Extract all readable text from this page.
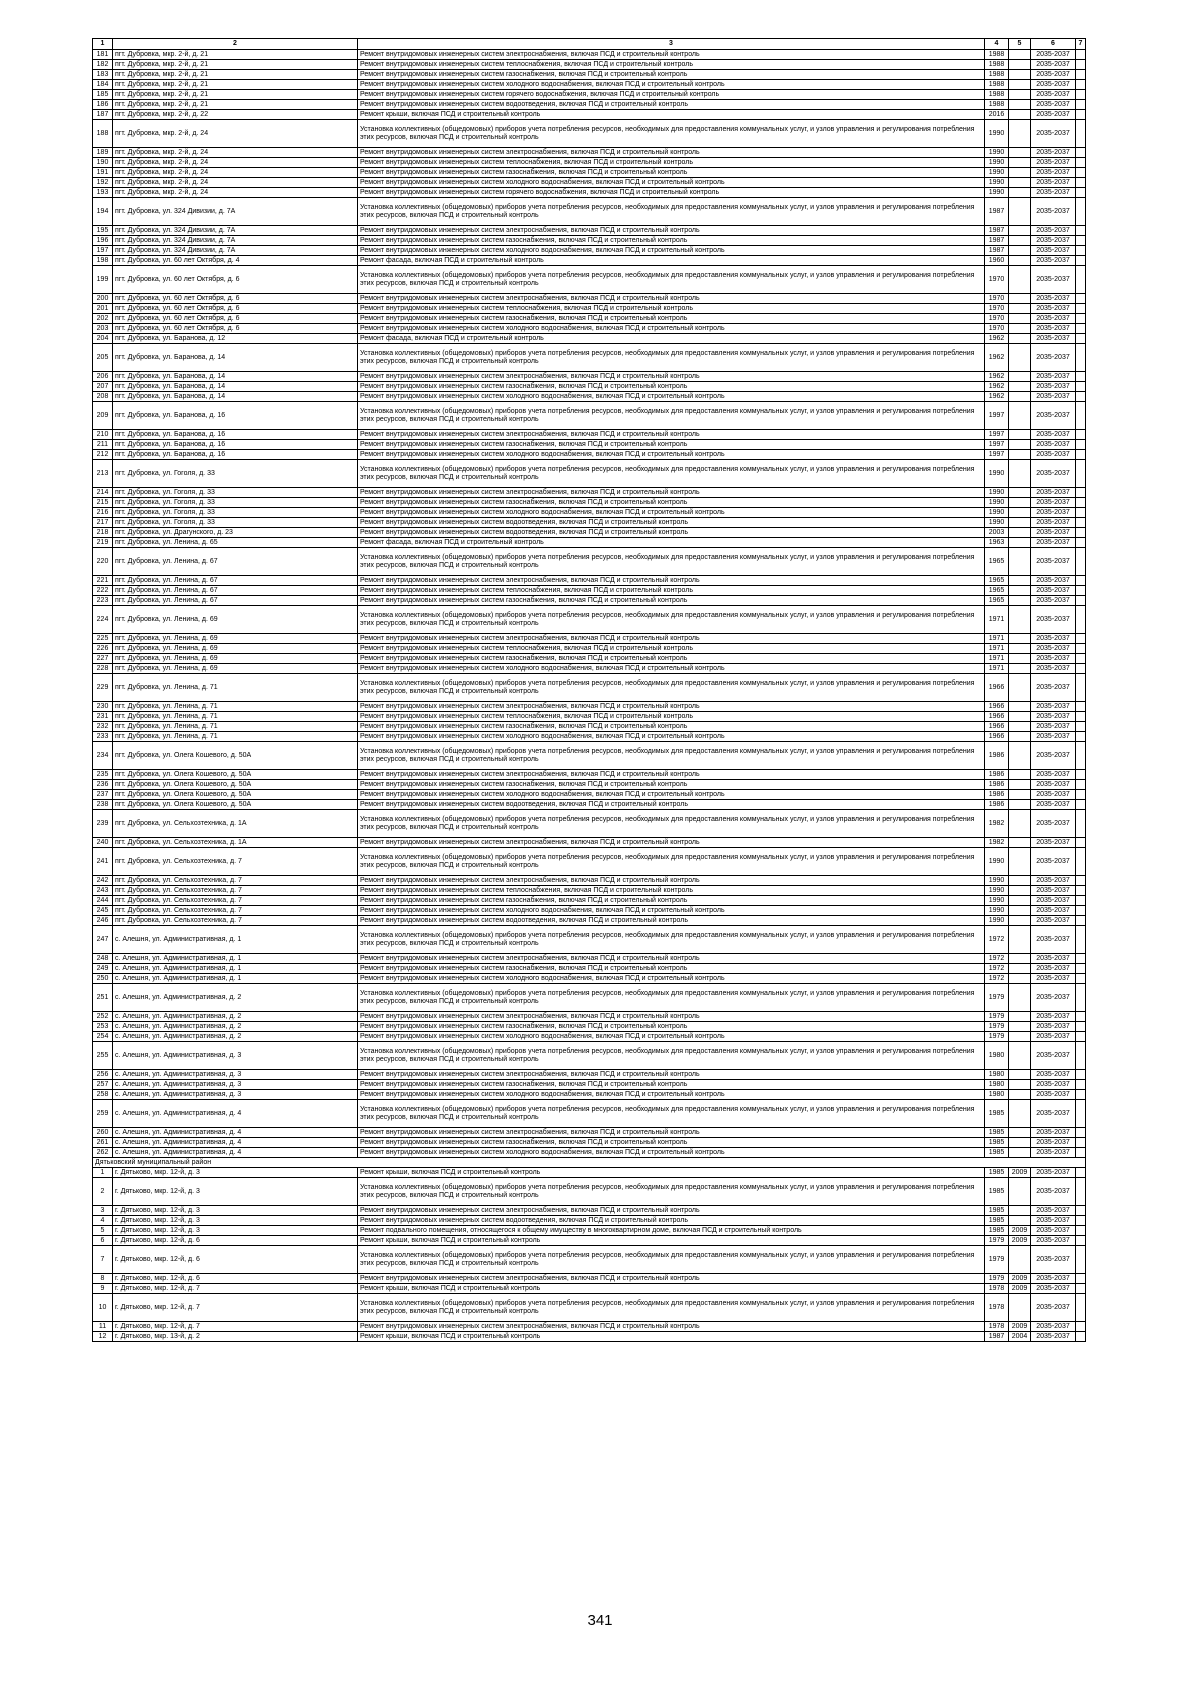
1	2	3	4	5	6	7
181	пгт. Дубровка, мкр. 2-й, д. 21	Ремонт внутридомовых инженерных систем электроснабжения, включая ПСД и строительный контроль	1988		2035-2037	
182	пгт. Дубровка, мкр. 2-й, д. 21	Ремонт внутридомовых инженерных систем теплоснабжения, включая ПСД и строительный контроль	1988		2035-2037	
183	пгт. Дубровка, мкр. 2-й, д. 21	Ремонт внутридомовых инженерных систем газоснабжения, включая ПСД и строительный контроль	1988		2035-2037	
184	пгт. Дубровка, мкр. 2-й, д. 21	Ремонт внутридомовых инженерных систем холодного водоснабжения, включая ПСД и строительный контроль	1988		2035-2037	
185	пгт. Дубровка, мкр. 2-й, д. 21	Ремонт внутридомовых инженерных систем горячего водоснабжения, включая ПСД и строительный контроль	1988		2035-2037	
186	пгт. Дубровка, мкр. 2-й, д. 21	Ремонт внутридомовых инженерных систем водоотведения, включая ПСД и строительный контроль	1988		2035-2037	
187	пгт. Дубровка, мкр. 2-й, д. 22	Ремонт крыши, включая ПСД и строительный контроль	2016		2035-2037	
188	пгт. Дубровка, мкр. 2-й, д. 24	Установка коллективных (общедомовых) приборов учета потребления ресурсов, необходимых для предоставления коммунальных услуг, и узлов управления и регулирования потребления этих ресурсов, включая ПСД и строительный контроль	1990		2035-2037	
189	пгт. Дубровка, мкр. 2-й, д. 24	Ремонт внутридомовых инженерных систем электроснабжения, включая ПСД и строительный контроль	1990		2035-2037	
190	пгт. Дубровка, мкр. 2-й, д. 24	Ремонт внутридомовых инженерных систем теплоснабжения, включая ПСД и строительный контроль	1990		2035-2037	
191	пгт. Дубровка, мкр. 2-й, д. 24	Ремонт внутридомовых инженерных систем газоснабжения, включая ПСД и строительный контроль	1990		2035-2037	
192	пгт. Дубровка, мкр. 2-й, д. 24	Ремонт внутридомовых инженерных систем холодного водоснабжения, включая ПСД и строительный контроль	1990		2035-2037	
193	пгт. Дубровка, мкр. 2-й, д. 24	Ремонт внутридомовых инженерных систем горячего водоснабжения, включая ПСД и строительный контроль	1990		2035-2037	
194	пгт. Дубровка, ул. 324 Дивизии, д. 7А	Установка коллективных (общедомовых) приборов учета потребления ресурсов, необходимых для предоставления коммунальных услуг, и узлов управления и регулирования потребления этих ресурсов, включая ПСД и строительный контроль	1987		2035-2037	
195	пгт. Дубровка, ул. 324 Дивизии, д. 7А	Ремонт внутридомовых инженерных систем электроснабжения, включая ПСД и строительный контроль	1987		2035-2037	
196	пгт. Дубровка, ул. 324 Дивизии, д. 7А	Ремонт внутридомовых инженерных систем газоснабжения, включая ПСД и строительный контроль	1987		2035-2037	
197	пгт. Дубровка, ул. 324 Дивизии, д. 7А	Ремонт внутридомовых инженерных систем холодного водоснабжения, включая ПСД и строительный контроль	1987		2035-2037	
198	пгт. Дубровка, ул. 60 лет Октября, д. 4	Ремонт фасада, включая ПСД и строительный контроль	1960		2035-2037	
199	пгт. Дубровка, ул. 60 лет Октября, д. 6	Установка коллективных (общедомовых) приборов учета потребления ресурсов, необходимых для предоставления коммунальных услуг, и узлов управления и регулирования потребления этих ресурсов, включая ПСД и строительный контроль	1970		2035-2037	
200	пгт. Дубровка, ул. 60 лет Октября, д. 6	Ремонт внутридомовых инженерных систем электроснабжения, включая ПСД и строительный контроль	1970		2035-2037	
201	пгт. Дубровка, ул. 60 лет Октября, д. 6	Ремонт внутридомовых инженерных систем теплоснабжения, включая ПСД и строительный контроль	1970		2035-2037	
202	пгт. Дубровка, ул. 60 лет Октября, д. 6	Ремонт внутридомовых инженерных систем газоснабжения, включая ПСД и строительный контроль	1970		2035-2037	
203	пгт. Дубровка, ул. 60 лет Октября, д. 6	Ремонт внутридомовых инженерных систем холодного водоснабжения, включая ПСД и строительный контроль	1970		2035-2037	
204	пгт. Дубровка, ул. Баранова, д. 12	Ремонт фасада, включая ПСД и строительный контроль	1962		2035-2037	
205	пгт. Дубровка, ул. Баранова, д. 14	Установка коллективных (общедомовых) приборов учета потребления ресурсов, необходимых для предоставления коммунальных услуг, и узлов управления и регулирования потребления этих ресурсов, включая ПСД и строительный контроль	1962		2035-2037	
206	пгт. Дубровка, ул. Баранова, д. 14	Ремонт внутридомовых инженерных систем электроснабжения, включая ПСД и строительный контроль	1962		2035-2037	
207	пгт. Дубровка, ул. Баранова, д. 14	Ремонт внутридомовых инженерных систем газоснабжения, включая ПСД и строительный контроль	1962		2035-2037	
208	пгт. Дубровка, ул. Баранова, д. 14	Ремонт внутридомовых инженерных систем холодного водоснабжения, включая ПСД и строительный контроль	1962		2035-2037	
209	пгт. Дубровка, ул. Баранова, д. 16	Установка коллективных (общедомовых) приборов учета потребления ресурсов, необходимых для предоставления коммунальных услуг, и узлов управления и регулирования потребления этих ресурсов, включая ПСД и строительный контроль	1997		2035-2037	
210	пгт. Дубровка, ул. Баранова, д. 16	Ремонт внутридомовых инженерных систем электроснабжения, включая ПСД и строительный контроль	1997		2035-2037	
211	пгт. Дубровка, ул. Баранова, д. 16	Ремонт внутридомовых инженерных систем газоснабжения, включая ПСД и строительный контроль	1997		2035-2037	
212	пгт. Дубровка, ул. Баранова, д. 16	Ремонт внутридомовых инженерных систем холодного водоснабжения, включая ПСД и строительный контроль	1997		2035-2037	
213	пгт. Дубровка, ул. Гоголя, д. 33	Установка коллективных (общедомовых) приборов учета потребления ресурсов, необходимых для предоставления коммунальных услуг, и узлов управления и регулирования потребления этих ресурсов, включая ПСД и строительный контроль	1990		2035-2037	
214	пгт. Дубровка, ул. Гоголя, д. 33	Ремонт внутридомовых инженерных систем электроснабжения, включая ПСД и строительный контроль	1990		2035-2037	
215	пгт. Дубровка, ул. Гоголя, д. 33	Ремонт внутридомовых инженерных систем газоснабжения, включая ПСД и строительный контроль	1990		2035-2037	
216	пгт. Дубровка, ул. Гоголя, д. 33	Ремонт внутридомовых инженерных систем холодного водоснабжения, включая ПСД и строительный контроль	1990		2035-2037	
217	пгт. Дубровка, ул. Гоголя, д. 33	Ремонт внутридомовых инженерных систем водоотведения, включая ПСД и строительный контроль	1990		2035-2037	
218	пгт. Дубровка, ул. Драгунского, д. 23	Ремонт внутридомовых инженерных систем водоотведения, включая ПСД и строительный контроль	2003		2035-2037	
219	пгт. Дубровка, ул. Ленина, д. 65	Ремонт фасада, включая ПСД и строительный контроль	1963		2035-2037	
220	пгт. Дубровка, ул. Ленина, д. 67	Установка коллективных (общедомовых) приборов учета потребления ресурсов, необходимых для предоставления коммунальных услуг, и узлов управления и регулирования потребления этих ресурсов, включая ПСД и строительный контроль	1965		2035-2037	
221	пгт. Дубровка, ул. Ленина, д. 67	Ремонт внутридомовых инженерных систем электроснабжения, включая ПСД и строительный контроль	1965		2035-2037	
222	пгт. Дубровка, ул. Ленина, д. 67	Ремонт внутридомовых инженерных систем теплоснабжения, включая ПСД и строительный контроль	1965		2035-2037	
223	пгт. Дубровка, ул. Ленина, д. 67	Ремонт внутридомовых инженерных систем газоснабжения, включая ПСД и строительный контроль	1965		2035-2037	
224	пгт. Дубровка, ул. Ленина, д. 69	Установка коллективных (общедомовых) приборов учета потребления ресурсов, необходимых для предоставления коммунальных услуг, и узлов управления и регулирования потребления этих ресурсов, включая ПСД и строительный контроль	1971		2035-2037	
225	пгт. Дубровка, ул. Ленина, д. 69	Ремонт внутридомовых инженерных систем электроснабжения, включая ПСД и строительный контроль	1971		2035-2037	
226	пгт. Дубровка, ул. Ленина, д. 69	Ремонт внутридомовых инженерных систем теплоснабжения, включая ПСД и строительный контроль	1971		2035-2037	
227	пгт. Дубровка, ул. Ленина, д. 69	Ремонт внутридомовых инженерных систем газоснабжения, включая ПСД и строительный контроль	1971		2035-2037	
228	пгт. Дубровка, ул. Ленина, д. 69	Ремонт внутридомовых инженерных систем холодного водоснабжения, включая ПСД и строительный контроль	1971		2035-2037	
229	пгт. Дубровка, ул. Ленина, д. 71	Установка коллективных (общедомовых) приборов учета потребления ресурсов, необходимых для предоставления коммунальных услуг, и узлов управления и регулирования потребления этих ресурсов, включая ПСД и строительный контроль	1966		2035-2037	
230	пгт. Дубровка, ул. Ленина, д. 71	Ремонт внутридомовых инженерных систем электроснабжения, включая ПСД и строительный контроль	1966		2035-2037	
231	пгт. Дубровка, ул. Ленина, д. 71	Ремонт внутридомовых инженерных систем теплоснабжения, включая ПСД и строительный контроль	1966		2035-2037	
232	пгт. Дубровка, ул. Ленина, д. 71	Ремонт внутридомовых инженерных систем газоснабжения, включая ПСД и строительный контроль	1966		2035-2037	
233	пгт. Дубровка, ул. Ленина, д. 71	Ремонт внутридомовых инженерных систем холодного водоснабжения, включая ПСД и строительный контроль	1966		2035-2037	
234	пгт. Дубровка, ул. Олега Кошевого, д. 50А	Установка коллективных (общедомовых) приборов учета потребления ресурсов, необходимых для предоставления коммунальных услуг, и узлов управления и регулирования потребления этих ресурсов, включая ПСД и строительный контроль	1986		2035-2037	
235	пгт. Дубровка, ул. Олега Кошевого, д. 50А	Ремонт внутридомовых инженерных систем электроснабжения, включая ПСД и строительный контроль	1986		2035-2037	
236	пгт. Дубровка, ул. Олега Кошевого, д. 50А	Ремонт внутридомовых инженерных систем газоснабжения, включая ПСД и строительный контроль	1986		2035-2037	
237	пгт. Дубровка, ул. Олега Кошевого, д. 50А	Ремонт внутридомовых инженерных систем холодного водоснабжения, включая ПСД и строительный контроль	1986		2035-2037	
238	пгт. Дубровка, ул. Олега Кошевого, д. 50А	Ремонт внутридомовых инженерных систем водоотведения, включая ПСД и строительный контроль	1986		2035-2037	
239	пгт. Дубровка, ул. Сельхозтехника, д. 1А	Установка коллективных (общедомовых) приборов учета потребления ресурсов, необходимых для предоставления коммунальных услуг, и узлов управления и регулирования потребления этих ресурсов, включая ПСД и строительный контроль	1982		2035-2037	
240	пгт. Дубровка, ул. Сельхозтехника, д. 1А	Ремонт внутридомовых инженерных систем электроснабжения, включая ПСД и строительный контроль	1982		2035-2037	
241	пгт. Дубровка, ул. Сельхозтехника, д. 7	Установка коллективных (общедомовых) приборов учета потребления ресурсов, необходимых для предоставления коммунальных услуг, и узлов управления и регулирования потребления этих ресурсов, включая ПСД и строительный контроль	1990		2035-2037	
242	пгт. Дубровка, ул. Сельхозтехника, д. 7	Ремонт внутридомовых инженерных систем электроснабжения, включая ПСД и строительный контроль	1990		2035-2037	
243	пгт. Дубровка, ул. Сельхозтехника, д. 7	Ремонт внутридомовых инженерных систем теплоснабжения, включая ПСД и строительный контроль	1990		2035-2037	
244	пгт. Дубровка, ул. Сельхозтехника, д. 7	Ремонт внутридомовых инженерных систем газоснабжения, включая ПСД и строительный контроль	1990		2035-2037	
245	пгт. Дубровка, ул. Сельхозтехника, д. 7	Ремонт внутридомовых инженерных систем холодного водоснабжения, включая ПСД и строительный контроль	1990		2035-2037	
246	пгт. Дубровка, ул. Сельхозтехника, д. 7	Ремонт внутридомовых инженерных систем водоотведения, включая ПСД и строительный контроль	1990		2035-2037	
247	с. Алешня, ул. Административная, д. 1	Установка коллективных (общедомовых) приборов учета потребления ресурсов, необходимых для предоставления коммунальных услуг, и узлов управления и регулирования потребления этих ресурсов, включая ПСД и строительный контроль	1972		2035-2037	
248	с. Алешня, ул. Административная, д. 1	Ремонт внутридомовых инженерных систем электроснабжения, включая ПСД и строительный контроль	1972		2035-2037	
249	с. Алешня, ул. Административная, д. 1	Ремонт внутридомовых инженерных систем газоснабжения, включая ПСД и строительный контроль	1972		2035-2037	
250	с. Алешня, ул. Административная, д. 1	Ремонт внутридомовых инженерных систем холодного водоснабжения, включая ПСД и строительный контроль	1972		2035-2037	
251	с. Алешня, ул. Административная, д. 2	Установка коллективных (общедомовых) приборов учета потребления ресурсов, необходимых для предоставления коммунальных услуг, и узлов управления и регулирования потребления этих ресурсов, включая ПСД и строительный контроль	1979		2035-2037	
252	с. Алешня, ул. Административная, д. 2	Ремонт внутридомовых инженерных систем электроснабжения, включая ПСД и строительный контроль	1979		2035-2037	
253	с. Алешня, ул. Административная, д. 2	Ремонт внутридомовых инженерных систем газоснабжения, включая ПСД и строительный контроль	1979		2035-2037	
254	с. Алешня, ул. Административная, д. 2	Ремонт внутридомовых инженерных систем холодного водоснабжения, включая ПСД и строительный контроль	1979		2035-2037	
255	с. Алешня, ул. Административная, д. 3	Установка коллективных (общедомовых) приборов учета потребления ресурсов, необходимых для предоставления коммунальных услуг, и узлов управления и регулирования потребления этих ресурсов, включая ПСД и строительный контроль	1980		2035-2037	
256	с. Алешня, ул. Административная, д. 3	Ремонт внутридомовых инженерных систем электроснабжения, включая ПСД и строительный контроль	1980		2035-2037	
257	с. Алешня, ул. Административная, д. 3	Ремонт внутридомовых инженерных систем газоснабжения, включая ПСД и строительный контроль	1980		2035-2037	
258	с. Алешня, ул. Административная, д. 3	Ремонт внутридомовых инженерных систем холодного водоснабжения, включая ПСД и строительный контроль	1980		2035-2037	
259	с. Алешня, ул. Административная, д. 4	Установка коллективных (общедомовых) приборов учета потребления ресурсов, необходимых для предоставления коммунальных услуг, и узлов управления и регулирования потребления этих ресурсов, включая ПСД и строительный контроль	1985		2035-2037	
260	с. Алешня, ул. Административная, д. 4	Ремонт внутридомовых инженерных систем электроснабжения, включая ПСД и строительный контроль	1985		2035-2037	
261	с. Алешня, ул. Административная, д. 4	Ремонт внутридомовых инженерных систем газоснабжения, включая ПСД и строительный контроль	1985		2035-2037	
262	с. Алешня, ул. Административная, д. 4	Ремонт внутридомовых инженерных систем холодного водоснабжения, включая ПСД и строительный контроль	1985		2035-2037	
Дятьковский муниципальный район						
1	г. Дятьково, мкр. 12-й, д. 3	Ремонт крыши, включая ПСД и строительный контроль	1985	2009	2035-2037	
2	г. Дятьково, мкр. 12-й, д. 3	Установка коллективных (общедомовых) приборов учета потребления ресурсов, необходимых для предоставления коммунальных услуг, и узлов управления и регулирования потребления этих ресурсов, включая ПСД и строительный контроль	1985		2035-2037	
3	г. Дятьково, мкр. 12-й, д. 3	Ремонт внутридомовых инженерных систем электроснабжения, включая ПСД и строительный контроль	1985		2035-2037	
4	г. Дятьково, мкр. 12-й, д. 3	Ремонт внутридомовых инженерных систем водоотведения, включая ПСД и строительный контроль	1985		2035-2037	
5	г. Дятьково, мкр. 12-й, д. 3	Ремонт подвального помещения, относящегося к общему имуществу в многоквартирном доме, включая ПСД и строительный контроль	1985	2009	2035-2037	
6	г. Дятьково, мкр. 12-й, д. 6	Ремонт крыши, включая ПСД и строительный контроль	1979	2009	2035-2037	
7	г. Дятьково, мкр. 12-й, д. 6	Установка коллективных (общедомовых) приборов учета потребления ресурсов, необходимых для предоставления коммунальных услуг, и узлов управления и регулирования потребления этих ресурсов, включая ПСД и строительный контроль	1979		2035-2037	
8	г. Дятьково, мкр. 12-й, д. 6	Ремонт внутридомовых инженерных систем электроснабжения, включая ПСД и строительный контроль	1979	2009	2035-2037	
9	г. Дятьково, мкр. 12-й, д. 7	Ремонт крыши, включая ПСД и строительный контроль	1978	2009	2035-2037	
10	г. Дятьково, мкр. 12-й, д. 7	Установка коллективных (общедомовых) приборов учета потребления ресурсов, необходимых для предоставления коммунальных услуг, и узлов управления и регулирования потребления этих ресурсов, включая ПСД и строительный контроль	1978		2035-2037	
11	г. Дятьково, мкр. 12-й, д. 7	Ремонт внутридомовых инженерных систем электроснабжения, включая ПСД и строительный контроль	1978	2009	2035-2037	
12	г. Дятьково, мкр. 13-й, д. 2	Ремонт крыши, включая ПСД и строительный контроль	1987	2004	2035-2037	
341
